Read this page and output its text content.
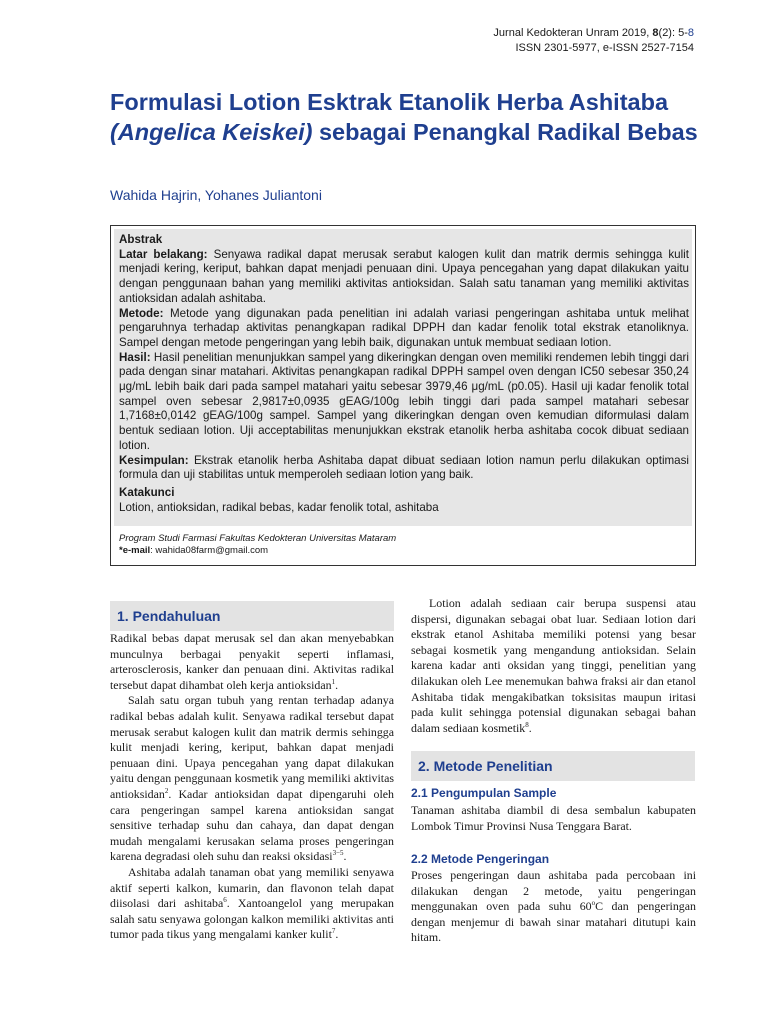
Jurnal Kedokteran Unram 2019, 8(2): 5-8
ISSN 2301-5977, e-ISSN 2527-7154
Formulasi Lotion Esktrak Etanolik Herba Ashitaba (Angelica Keiskei) sebagai Penangkal Radikal Bebas
Wahida Hajrin, Yohanes Juliantoni

Abstrak

Latar belakang: Senyawa radikal dapat merusak serabut kalogen kulit dan matrik dermis sehingga kulit menjadi kering, keriput, bahkan dapat menjadi penuaan dini. Upaya pencegahan yang dapat dilakukan yaitu dengan penggunaan bahan yang memiliki aktivitas antioksidan. Salah satu tanaman yang memiliki aktivitas antioksidan adalah ashitaba.

Metode: Metode yang digunakan pada penelitian ini adalah variasi pengeringan ashitaba untuk melihat pengaruhnya terhadap aktivitas penangkapan radikal DPPH dan kadar fenolik total ekstrak etanoliknya. Sampel dengan metode pengeringan yang lebih baik, digunakan untuk membuat sediaan lotion.

Hasil: Hasil penelitian menunjukkan sampel yang dikeringkan dengan oven memiliki rendemen lebih tinggi dari pada dengan sinar matahari. Aktivitas penangkapan radikal DPPH sampel oven dengan IC50 sebesar 350,24 μg/mL lebih baik dari pada sampel matahari yaitu sebesar 3979,46 μg/mL (p0.05). Hasil uji kadar fenolik total sampel oven sebesar 2,9817±0,0935 gEAG/100g lebih tinggi dari pada sampel matahari sebesar 1,7168±0,0142 gEAG/100g sampel. Sampel yang dikeringkan dengan oven kemudian diformulasi dalam bentuk sediaan lotion. Uji acceptabilitas menunjukkan ekstrak etanolik herba ashitaba cocok dibuat sediaan lotion.

Kesimpulan: Ekstrak etanolik herba Ashitaba dapat dibuat sediaan lotion namun perlu dilakukan optimasi formula dan uji stabilitas untuk memperoleh sediaan lotion yang baik.

Katakunci

Lotion, antioksidan, radikal bebas, kadar fenolik total, ashitaba

Program Studi Farmasi Fakultas Kedokteran Universitas Mataram
*e-mail: wahida08farm@gmail.com
1. Pendahuluan

Radikal bebas dapat merusak sel dan akan menyebabkan munculnya berbagai penyakit seperti inflamasi, arterosclerosis, kanker dan penuaan dini. Aktivitas radikal tersebut dapat dihambat oleh kerja antioksidan$^1$.

Salah satu organ tubuh yang rentan terhadap adanya radikal bebas adalah kulit. Senyawa radikal tersebut dapat merusak serabut kalogen kulit dan matrik dermis sehingga kulit menjadi kering, keriput, bahkan dapat menjadi penuaan dini. Upaya pencegahan yang dapat dilakukan yaitu dengan penggunaan kosmetik yang memiliki aktivitas antioksidan$^2$. Kadar antioksidan dapat dipengaruhi oleh cara pengeringan sampel karena antioksidan sangat sensitive terhadap suhu dan cahaya, dan dapat dengan mudah mengalami kerusakan selama proses pengeringan karena degradasi oleh suhu dan reaksi oksidasi$^{3-5}$.

Ashitaba adalah tanaman obat yang memiliki senyawa aktif seperti kalkon, kumarin, dan flavonon telah dapat diisolasi dari ashitaba$^6$. Xantoangelol yang merupakan salah satu senyawa golongan kalkon memiliki aktivitas anti tumor pada tikus yang mengalami kanker kulit$^7$.

Lotion adalah sediaan cair berupa suspensi atau dispersi, digunakan sebagai obat luar. Sediaan lotion dari ekstrak etanol Ashitaba memiliki potensi yang besar sebagai kosmetik yang mengandung antioksidan. Selain karena kadar anti oksidan yang tinggi, penelitian yang dilakukan oleh Lee menemukan bahwa fraksi air dan etanol Ashitaba tidak mengakibatkan toksisitas maupun iritasi pada kulit sehingga potensial digunakan sebagai bahan dalam sediaan kosmetik$^8$.

2. Metode Penelitian
2.1 Pengumpulan Sample

Tanaman ashitaba diambil di desa sembalun kabupaten Lombok Timur Provinsi Nusa Tenggara Barat.

2.2 Metode Pengeringan

Proses pengeringan daun ashitaba pada percobaan ini dilakukan dengan 2 metode, yaitu pengeringan menggunakan oven pada suhu 60$^o$C dan pengeringan dengan menjemur di bawah sinar matahari ditutupi kain hitam.
